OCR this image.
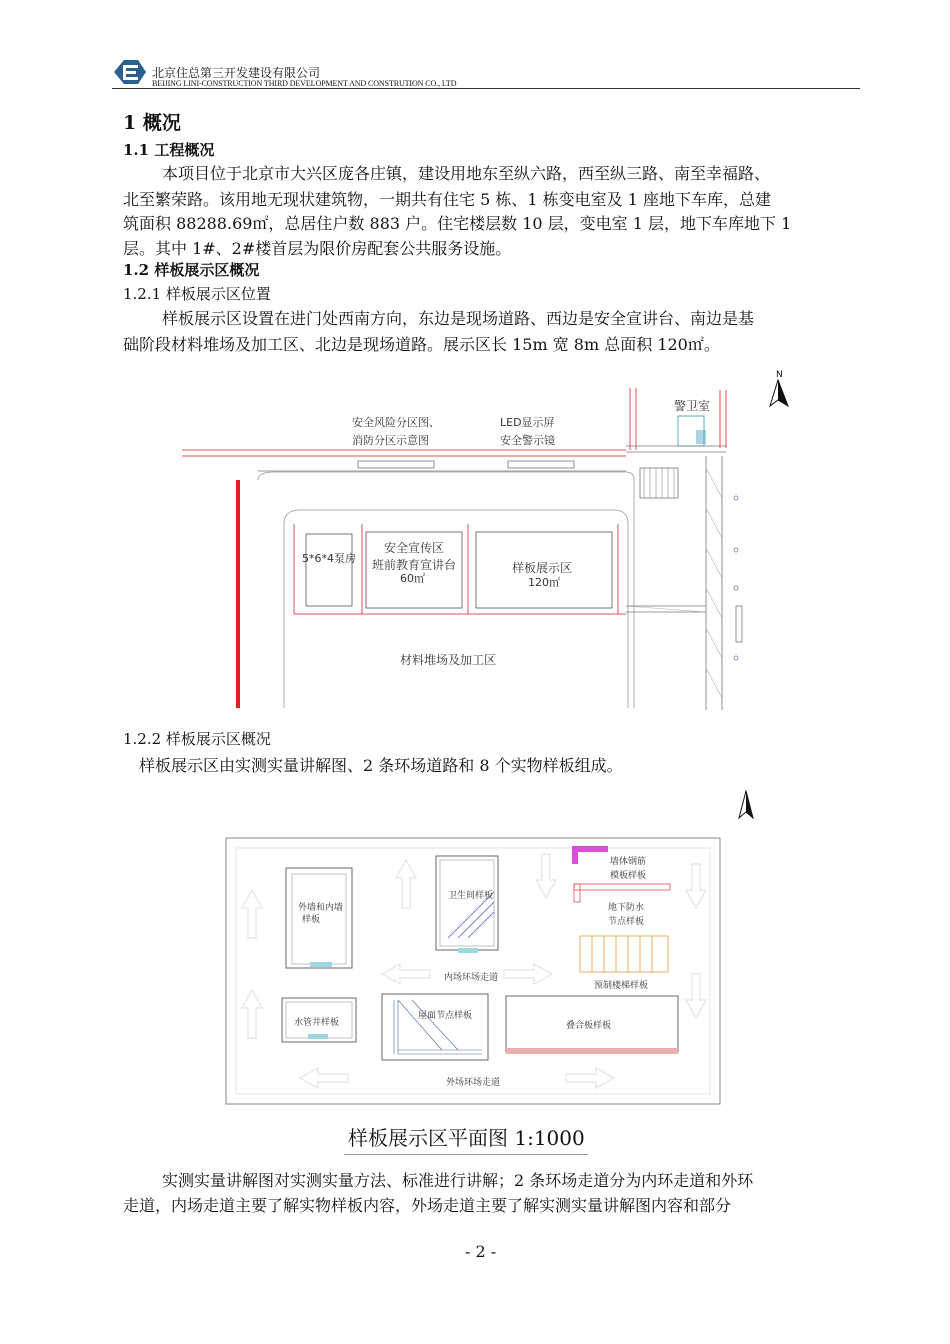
北京住总第三开发建设有限公司
BEIJING LINI-CONSTRUCTION THIRD DEVELOPMENT AND CONSTRUTION CO., LTD
1 概况
1.1 工程概况
本项目位于北京市大兴区庞各庄镇，建设用地东至纵六路，西至纵三路、南至幸福路、
北至繁荣路。该用地无现状建筑物，一期共有住宅 5 栋、1 栋变电室及 1 座地下车库，总建
筑面积 88288.69㎡，总居住户数 883 户。住宅楼层数 10 层，变电室 1 层，地下车库地下 1
层。其中 1#、2#楼首层为限价房配套公共服务设施。
1.2 样板展示区概况
1.2.1 样板展示区位置
样板展示区设置在进门处西南方向，东边是现场道路、西边是安全宣讲台、南边是基
础阶段材料堆场及加工区、北边是现场道路。展示区长 15m 宽 8m 总面积 120㎡。
N
安全风险分区图、
消防分区示意图
LED显示屏
安全警示镜
警卫室
5*6*4泵房
安全宣传区
班前教育宣讲台
60㎡
样板展示区
120㎡
材料堆场及加工区
1.2.2 样板展示区概况
样板展示区由实测实量讲解图、2 条环场道路和 8 个实物样板组成。
外墙和内墙
样板
卫生间样板
墙体钢筋
模板样板
地下防水
节点样板
内场环场走道
预制楼梯样板
水管井样板
屋面节点样板
叠合板样板
外场环场走道
样板展示区平面图 1:1000
实测实量讲解图对实测实量方法、标准进行讲解；2 条环场走道分为内环走道和外环
走道，内场走道主要了解实物样板内容，外场走道主要了解实测实量讲解图内容和部分
- 2 -
